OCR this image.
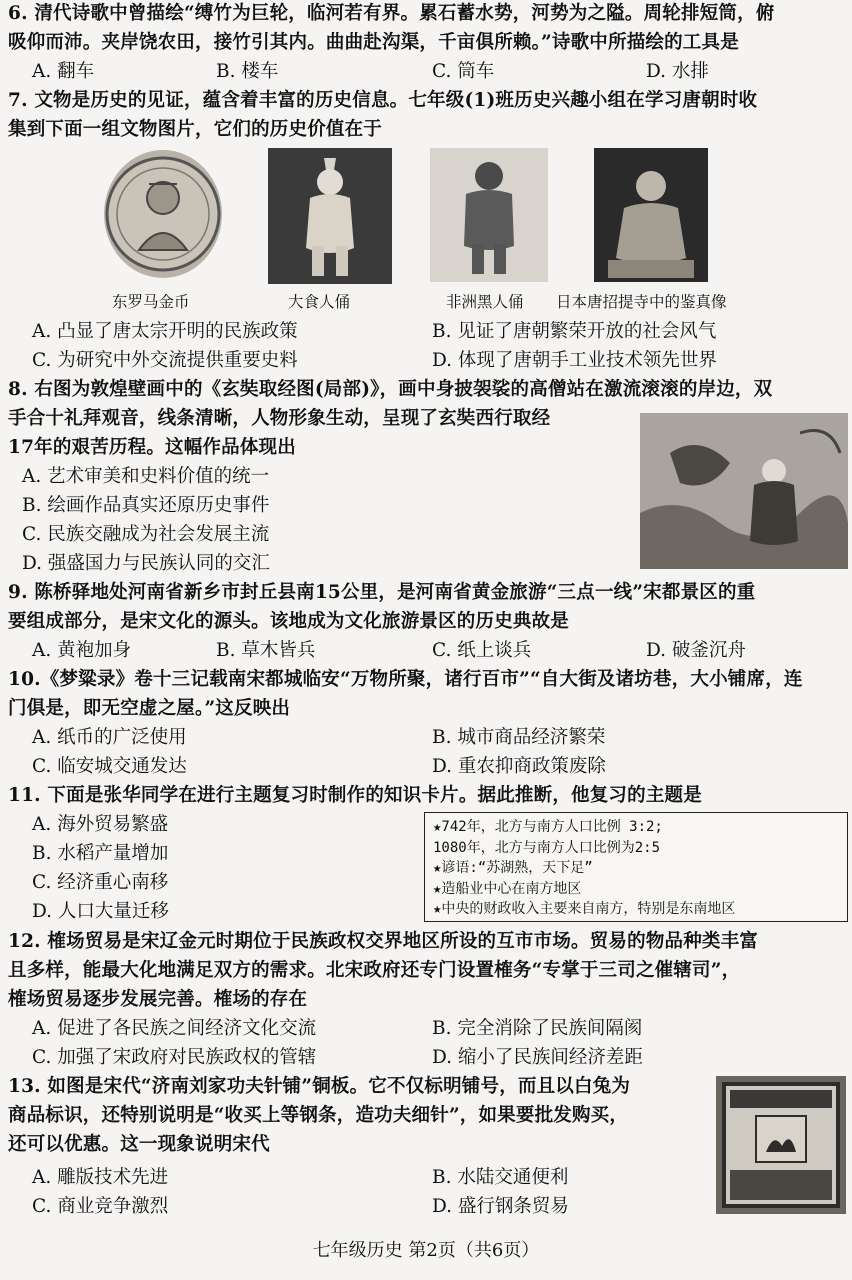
6. 清代诗歌中曾描绘“缚竹为巨轮，临河若有界。累石蓄水势，河势为之隘。周轮排短筒，俯
吸仰而沛。夹岸饶农田，接竹引其内。曲曲赴沟渠，千亩俱所赖。”诗歌中所描绘的工具是
A. 翻车	B. 楼车	C. 筒车	D. 水排
7. 文物是历史的见证，蕴含着丰富的历史信息。七年级(1)班历史兴趣小组在学习唐朝时收
集到下面一组文物图片，它们的历史价值在于
东罗马金币	大食人俑	非洲黑人俑 日本唐招提寺中的鉴真像
A. 凸显了唐太宗开明的民族政策	B. 见证了唐朝繁荣开放的社会风气
C. 为研究中外交流提供重要史料	D. 体现了唐朝手工业技术领先世界
8. 右图为敦煌壁画中的《玄奘取经图(局部)》，画中身披袈裟的高僧站在激流滚滚的岸边，双
手合十礼拜观音，线条清晰，人物形象生动，呈现了玄奘西行取经
17年的艰苦历程。这幅作品体现出
A. 艺术审美和史料价值的统一
B. 绘画作品真实还原历史事件
C. 民族交融成为社会发展主流
D. 强盛国力与民族认同的交汇
9. 陈桥驿地处河南省新乡市封丘县南15公里，是河南省黄金旅游“三点一线”宋都景区的重
要组成部分，是宋文化的源头。该地成为文化旅游景区的历史典故是
A. 黄袍加身	B. 草木皆兵	C. 纸上谈兵	D. 破釜沉舟
10.《梦粱录》卷十三记载南宋都城临安“万物所聚，诸行百市”“自大街及诸坊巷，大小铺席，连
门俱是，即无空虚之屋。”这反映出
A. 纸币的广泛使用	B. 城市商品经济繁荣
C. 临安城交通发达	D. 重农抑商政策废除
11. 下面是张华同学在进行主题复习时制作的知识卡片。据此推断，他复习的主题是
A. 海外贸易繁盛
B. 水稻产量增加
C. 经济重心南移
D. 人口大量迁移
★742年，北方与南方人口比例 3:2;
1080年，北方与南方人口比例为2:5
★谚语:“苏湖熟，天下足”
★造船业中心在南方地区
★中央的财政收入主要来自南方，特别是东南地区
12. 榷场贸易是宋辽金元时期位于民族政权交界地区所设的互市市场。贸易的物品种类丰富
且多样，能最大化地满足双方的需求。北宋政府还专门设置榷务“专掌于三司之催辖司”，
榷场贸易逐步发展完善。榷场的存在
A. 促进了各民族之间经济文化交流	B. 完全消除了民族间隔阂
C. 加强了宋政府对民族政权的管辖	D. 缩小了民族间经济差距
13. 如图是宋代“济南刘家功夫针铺”铜板。它不仅标明铺号，而且以白兔为
商品标识，还特别说明是“收买上等钢条，造功夫细针”，如果要批发购买，
还可以优惠。这一现象说明宋代
A. 雕版技术先进	B. 水陆交通便利
C. 商业竞争激烈	D. 盛行钢条贸易
七年级历史 第2页（共6页）
